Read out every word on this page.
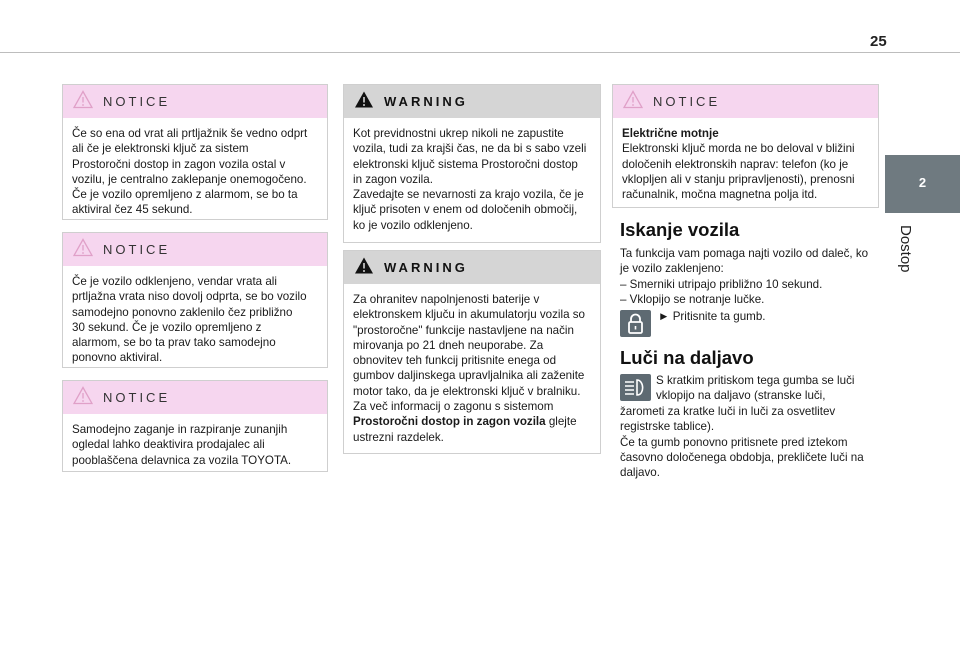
25
2
Dostop
NOTICE

Če so ena od vrat ali prtljažnik še vedno odprt

ali če je elektronski ključ za sistem

Prostoročni dostop in zagon vozila ostal v

vozilu, je centralno zaklepanje onemogočeno.

Če je vozilo opremljeno z alarmom, se bo ta

aktiviral čez 45 sekund.

NOTICE

Če je vozilo odklenjeno, vendar vrata ali

prtljažna vrata niso dovolj odprta, se bo vozilo

samodejno ponovno zaklenilo čez približno

30 sekund. Če je vozilo opremljeno z

alarmom, se bo ta prav tako samodejno

ponovno aktiviral.

NOTICE

Samodejno zaganje in razpiranje zunanjih

ogledal lahko deaktivira prodajalec ali

pooblaščena delavnica za vozila TOYOTA.

WARNING

Kot previdnostni ukrep nikoli ne zapustite

vozila, tudi za krajši čas, ne da bi s sabo vzeli

elektronski ključ sistema Prostoročni dostop

in zagon vozila.

Zavedajte se nevarnosti za krajo vozila, če je

ključ prisoten v enem od določenih območij,

ko je vozilo odklenjeno.

WARNING

Za ohranitev napolnjenosti baterije v

elektronskem ključu in akumulatorju vozila so

"prostoročne" funkcije nastavljene na način

mirovanja po 21 dneh neuporabe. Za

obnovitev teh funkcij pritisnite enega od

gumbov daljinskega upravljalnika ali zaženite

motor tako, da je elektronski ključ v bralniku.

Za več informacij o zagonu s sistemom

Prostoročni dostop in zagon vozila glejte

ustrezni razdelek.

NOTICE

Električne motnje

Elektronski ključ morda ne bo deloval v bližini

določenih elektronskih naprav: telefon (ko je

vklopljen ali v stanju pripravljenosti), prenosni

računalnik, močna magnetna polja itd.

Iskanje vozila

Ta funkcija vam pomaga najti vozilo od daleč, ko

je vozilo zaklenjeno:

– Smerniki utripajo približno 10 sekund.

– Vklopijo se notranje lučke.

► Pritisnite ta gumb.
Luči na daljavo

S kratkim pritiskom tega gumba se luči

vklopijo na daljavo (stranske luči,

žarometi za kratke luči in luči za osvetlitev

registrske tablice).

Če ta gumb ponovno pritisnete pred iztekom

časovno določenega obdobja, prekličete luči na

daljavo.
